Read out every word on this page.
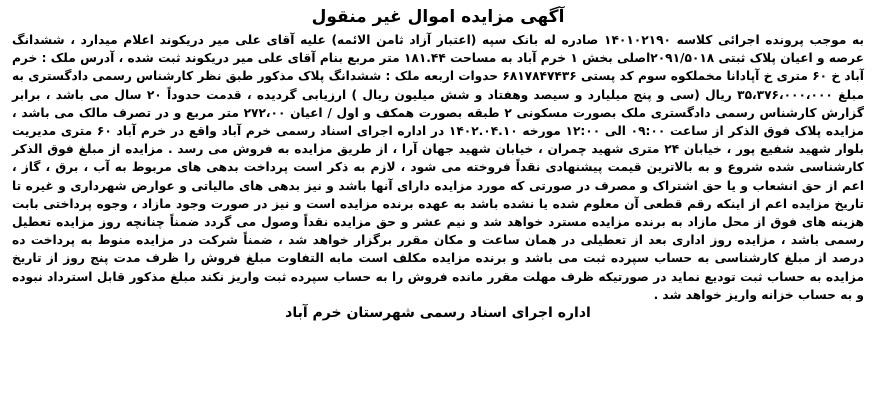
آگهی مزایده اموال غیر منقول

به موجب پرونده اجرائی کلاسه ۱۴۰۱۰۲۱۹۰ صادره له بانک سپه (اعتبار آزاد ثامن الائمه) علیه آقای علی میر دریکوند اعلام میدارد ، ششدانگ عرصه و اعیان پلاک ثبتی ۲۰۹۱/۵۰۱۸اصلی بخش ۱ خرم آباد به مساحت ۱۸۱.۴۴ متر مربع بنام آقای علی میر دریکوند ثبت شده ، آدرس ملک : خرم آباد خ ۶۰ متری خ آپادانا مخملکوه سوم کد پستی ۶۸۱۷۸۴۷۴۳۶ حدوات اربعه ملک : ششدانگ پلاک مذکور طبق نظر کارشناس رسمی دادگستری به مبلغ ۳۵،۳۷۶،۰۰۰،۰۰۰ ریال (سی و پنج میلیارد و سیصد وهفتاد و شش میلیون ریال ) ارزیابی گردیده ، قدمت حدوداً ۲۰ سال می باشد ، برابر گزارش کارشناس رسمی دادگستری ملک بصورت مسکونی ۲ طبقه بصورت همکف و اول / اعیان ۲۷۲،۰۰ متر مربع و در تصرف مالک می باشد ، مزایده پلاک فوق الذکر از ساعت ۰۹:۰۰ الی ۱۲:۰۰ مورخه ۱۴۰۲.۰۴.۱۰ در اداره اجرای اسناد رسمی خرم آباد واقع در خرم آباد ۶۰ متری مدیریت بلوار شهید شفیع پور ، خیابان ۲۴ متری شهید چمران ، خیابان شهید جهان آرا ، از طریق مزایده به فروش می رسد . مزایده از مبلغ فوق الذکر کارشناسی شده شروع و به بالاترین قیمت پیشنهادی نقداً فروخته می شود ، لازم به ذکر است پرداخت بدهی های مربوط به آب ، برق ، گاز ، اعم از حق انشعاب و یا حق اشتراک و مصرف در صورتی که مورد مزایده دارای آنها باشد و نیز بدهی های مالیاتی و عوارض شهرداری و غیره تا تاریخ مزایده اعم از اینکه رقم قطعی آن معلوم شده یا نشده باشد به عهده برنده مزایده است و نیز در صورت وجود مازاد ، وجوه پرداختی بابت هزینه های فوق از محل مازاد به برنده مزایده مسترد خواهد شد و نیم عشر و حق مزایده نقداً وصول می گردد ضمناً چنانچه روز مزایده تعطیل رسمی باشد ، مزایده روز اداری بعد از تعطیلی در همان ساعت و مکان مقرر برگزار خواهد شد ، ضمناً شرکت در مزایده منوط به پرداخت ده درصد از مبلغ کارشناسی به حساب سپرده ثبت می باشد و برنده مزایده مکلف است مابه التفاوت مبلغ فروش را ظرف مدت پنج روز از تاریخ مزایده به حساب ثبت تودیع نماید در صورتیکه ظرف مهلت مقرر مانده فروش را به حساب سپرده ثبت واریز نکند مبلغ مذکور قابل استرداد نبوده و به حساب خزانه واریز خواهد شد .

اداره اجرای اسناد رسمی شهرستان خرم آباد
